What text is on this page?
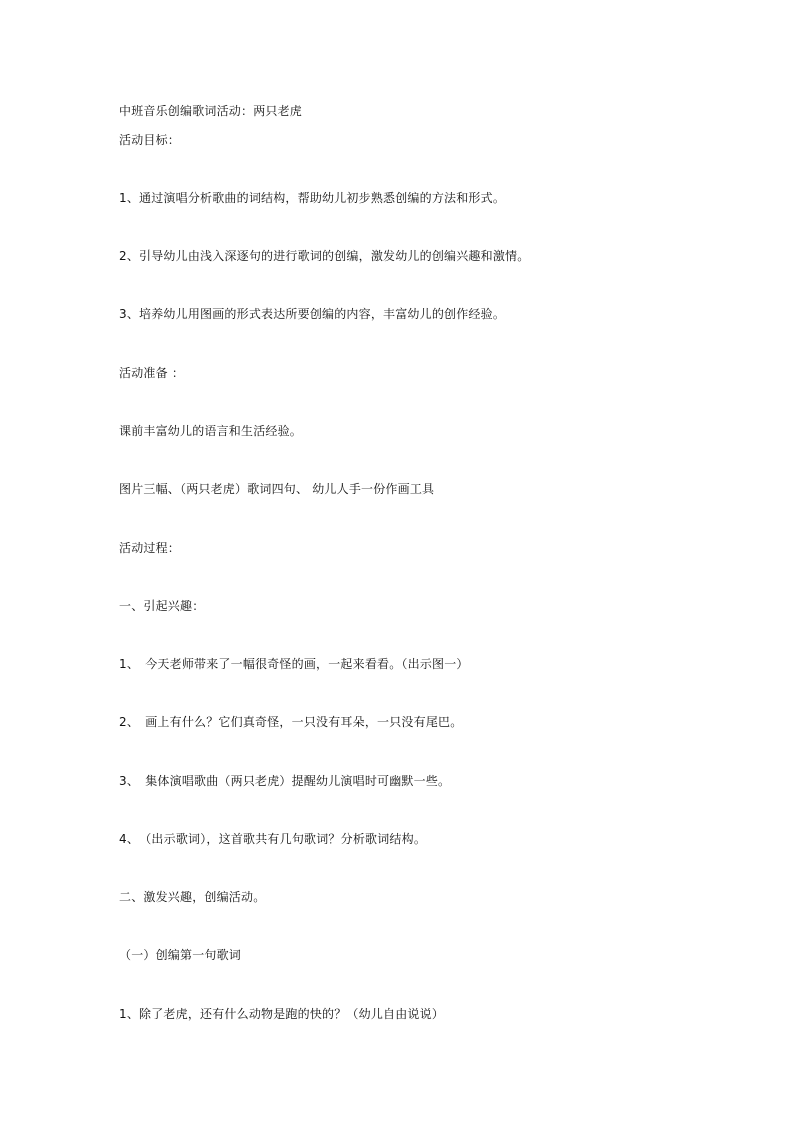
中班音乐创编歌词活动：两只老虎
活动目标：
1、通过演唱分析歌曲的词结构，帮助幼儿初步熟悉创编的方法和形式。
2、引导幼儿由浅入深逐句的进行歌词的创编，激发幼儿的创编兴趣和激情。
3、培养幼儿用图画的形式表达所要创编的内容，丰富幼儿的创作经验。
活动准备 ：
课前丰富幼儿的语言和生活经验。
图片三幅、（两只老虎）歌词四句、 幼儿人手一份作画工具
活动过程：
一、引起兴趣：
1、　今天老师带来了一幅很奇怪的画，一起来看看。（出示图一）
2、　画上有什么？它们真奇怪，一只没有耳朵，一只没有尾巴。
3、　集体演唱歌曲（两只老虎）提醒幼儿演唱时可幽默一些。
4、　（出示歌词），这首歌共有几句歌词？分析歌词结构。
二、激发兴趣，创编活动。
（一）创编第一句歌词
1、除了老虎，还有什么动物是跑的快的？（幼儿自由说说）
